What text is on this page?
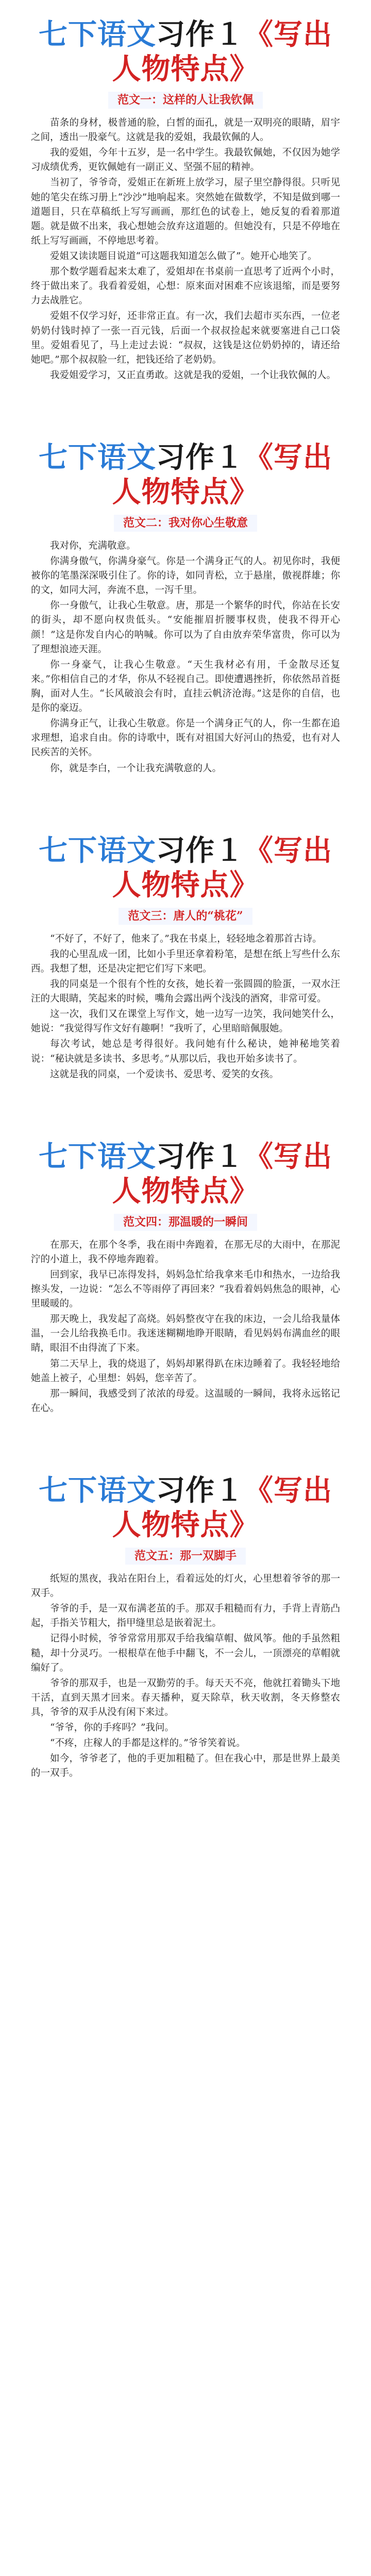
七下语文习作１《写出人物特点》
范文一：这样的人让我钦佩

苗条的身材，极普通的脸，白皙的面孔，就是一双明亮的眼睛，眉宇之间，透出一股豪气。这就是我的爱姐，我最钦佩的人。

我的爱姐，今年十五岁，是一名中学生。我最钦佩她，不仅因为她学习成绩优秀，更钦佩她有一副正义、坚强不屈的精神。

当初了，爷爷奇，爱姐正在新班上放学习，屋子里空静得很。只听见她的笔尖在练习册上“沙沙”地响起来。突然她在做数学，不知是做到哪一道题目，只在草稿纸上写写画画，那红色的试卷上，她反复的看着那道题。就是做不出来，我心想她会放弃这道题的。但她没有，只是不停地在纸上写写画画，不停地思考着。

爱姐又读读题目说道“可这题我知道怎么做了”。她开心地笑了。

那个数学题看起来太难了，爱姐却在书桌前一直思考了近两个小时，终于做出来了。我看着爱姐，心想：原来面对困难不应该退缩，而是要努力去战胜它。

爱姐不仅学习好，还非常正直。有一次，我们去超市买东西，一位老奶奶付钱时掉了一张一百元钱，后面一个叔叔捡起来就要塞进自己口袋里。爱姐看见了，马上走过去说：“叔叔，这钱是这位奶奶掉的，请还给她吧。”那个叔叔脸一红，把钱还给了老奶奶。

我爱姐爱学习，又正直勇敢。这就是我的爱姐，一个让我钦佩的人。

七下语文习作１《写出人物特点》
范文二：我对你心生敬意

我对你，充满敬意。

你满身傲气，你满身豪气。你是一个满身正气的人。初见你时，我便被你的笔墨深深吸引住了。你的诗，如同青松，立于悬崖，傲视群雄；你的文，如同大河，奔流不息，一泻千里。

你一身傲气，让我心生敬意。唐，那是一个繁华的时代，你站在长安的街头，却不愿向权贵低头。“安能摧眉折腰事权贵，使我不得开心颜！”这是你发自内心的呐喊。你可以为了自由放弃荣华富贵，你可以为了理想浪迹天涯。

你一身豪气，让我心生敬意。“天生我材必有用，千金散尽还复来。”你相信自己的才华，你从不轻视自己。即使遭遇挫折，你依然昂首挺胸，面对人生。“长风破浪会有时，直挂云帆济沧海。”这是你的自信，也是你的豪迈。

你满身正气，让我心生敬意。你是一个满身正气的人，你一生都在追求理想，追求自由。你的诗歌中，既有对祖国大好河山的热爱，也有对人民疾苦的关怀。

你，就是李白，一个让我充满敬意的人。

七下语文习作１《写出人物特点》
范文三：唐人的“桃花”

“不好了，不好了，他来了。”我在书桌上，轻轻地念着那首古诗。

我的心里乱成一团，比如小手里还拿着粉笔，是想在纸上写些什么东西。我想了想，还是决定把它们写下来吧。

我的同桌是一个很有个性的女孩，她长着一张圆圆的脸蛋，一双水汪汪的大眼睛，笑起来的时候，嘴角会露出两个浅浅的酒窝，非常可爱。

这一次，我们又在课堂上写作文，她一边写一边笑，我问她笑什么，她说：“我觉得写作文好有趣啊！”我听了，心里暗暗佩服她。

每次考试，她总是考得很好。我问她有什么秘诀，她神秘地笑着说：“秘诀就是多读书、多思考。”从那以后，我也开始多读书了。

这就是我的同桌，一个爱读书、爱思考、爱笑的女孩。

七下语文习作１《写出人物特点》
范文四：那温暖的一瞬间

在那天，在那个冬季，我在雨中奔跑着，在那无尽的大雨中，在那泥泞的小道上，我不停地奔跑着。

回到家，我早已冻得发抖，妈妈急忙给我拿来毛巾和热水，一边给我擦头发，一边说：“怎么不等雨停了再回来？”我看着妈妈焦急的眼神，心里暖暖的。

那天晚上，我发起了高烧。妈妈整夜守在我的床边，一会儿给我量体温，一会儿给我换毛巾。我迷迷糊糊地睁开眼睛，看见妈妈布满血丝的眼睛，眼泪不由得流了下来。

第二天早上，我的烧退了，妈妈却累得趴在床边睡着了。我轻轻地给她盖上被子，心里想：妈妈，您辛苦了。

那一瞬间，我感受到了浓浓的母爱。这温暖的一瞬间，我将永远铭记在心。

七下语文习作１《写出人物特点》
范文五：那一双脚手

纸短的黑夜，我站在阳台上，看着远处的灯火，心里想着爷爷的那一双手。

爷爷的手，是一双布满老茧的手。那双手粗糙而有力，手背上青筋凸起，手指关节粗大，指甲缝里总是嵌着泥土。

记得小时候，爷爷常常用那双手给我编草帽、做风筝。他的手虽然粗糙，却十分灵巧。一根根草在他手中翻飞，不一会儿，一顶漂亮的草帽就编好了。

爷爷的那双手，也是一双勤劳的手。每天天不亮，他就扛着锄头下地干活，直到天黑才回来。春天播种，夏天除草，秋天收割，冬天修整农具，爷爷的双手从没有闲下来过。

“爷爷，你的手疼吗？”我问。

“不疼，庄稼人的手都是这样的。”爷爷笑着说。

如今，爷爷老了，他的手更加粗糙了。但在我心中，那是世界上最美的一双手。
